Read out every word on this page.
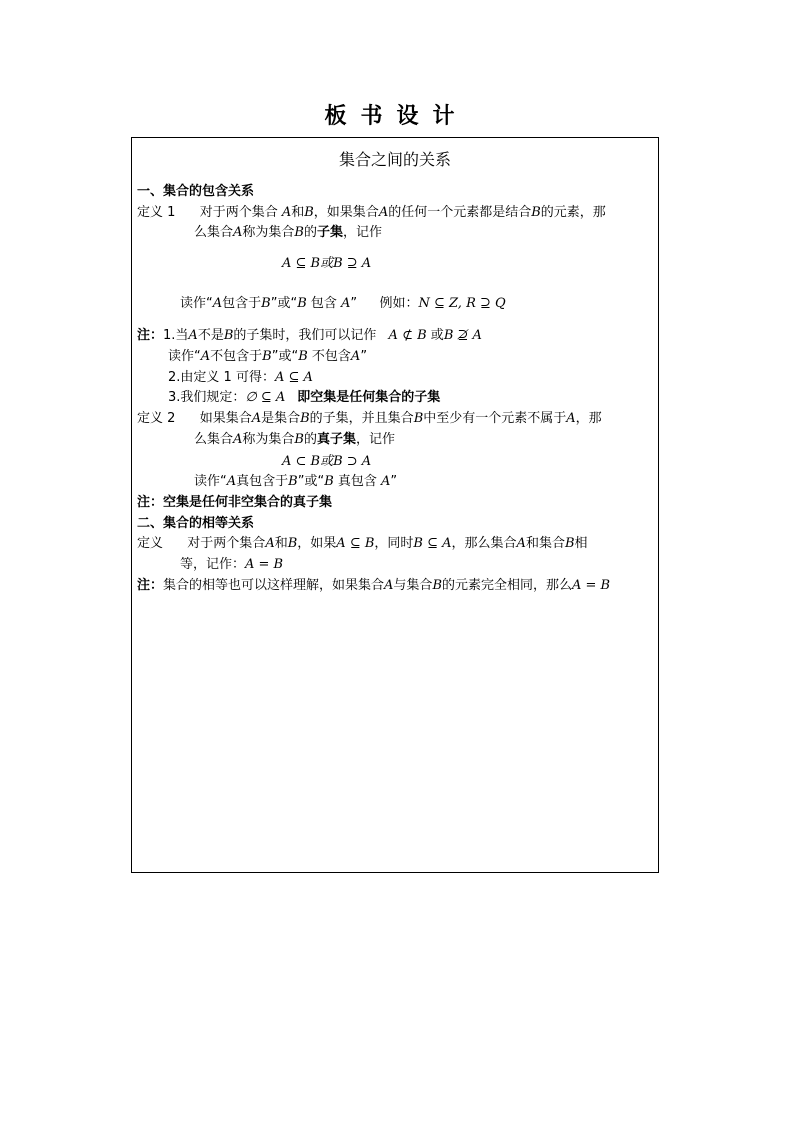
板书设计
集合之间的关系
一、集合的包含关系
定义 1 对于两个集合 A和B，如果集合A的任何一个元素都是结合B的元素，那
么集合A称为集合B的子集，记作
A ⊆ B或B ⊇ A
读作“A包含于B”或“B 包含 A” 例如：N ⊆ Z, R ⊇ Q
注：1.当A不是B的子集时，我们可以记作 A ⊄ B 或B ⊉ A
读作“A不包含于B”或“B 不包含A”
2.由定义 1 可得：A ⊆ A
3.我们规定：∅ ⊆ A 即空集是任何集合的子集
定义 2 如果集合A是集合B的子集，并且集合B中至少有一个元素不属于A，那
么集合A称为集合B的真子集，记作
A ⊂ B或B ⊃ A
读作“A真包含于B”或“B 真包含 A”
注：空集是任何非空集合的真子集
二、集合的相等关系
定义 对于两个集合A和B，如果A ⊆ B，同时B ⊆ A，那么集合A和集合B相
等，记作：A = B
注：集合的相等也可以这样理解，如果集合A与集合B的元素完全相同，那么A = B
